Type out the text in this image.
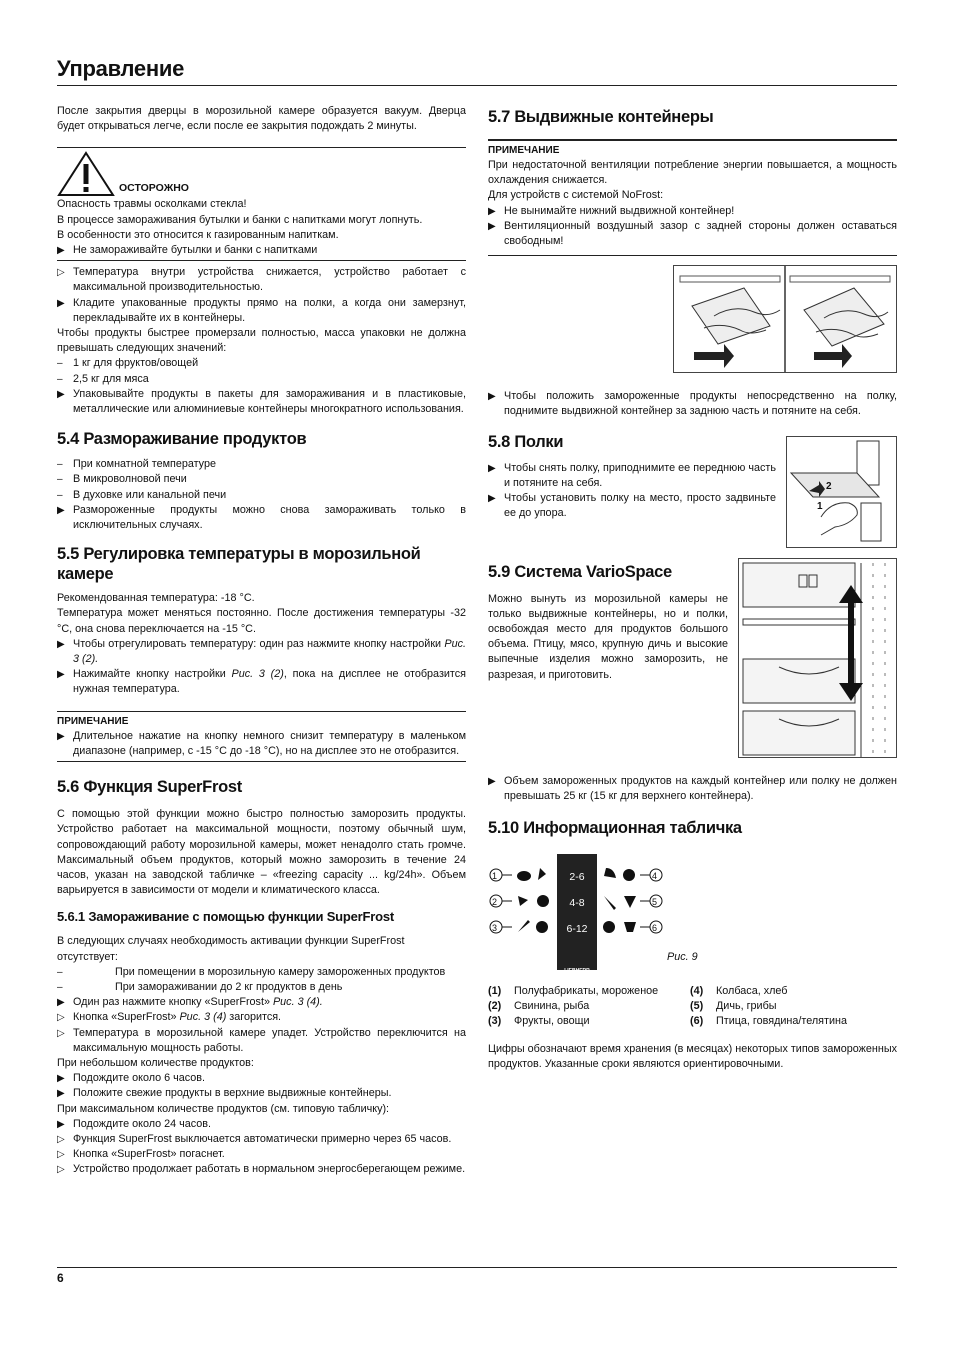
Управление

После закрытия дверцы в морозильной камере образуется вакуум. Дверца будет открываться легче, если после ее закрытия подождать 2 минуты.

ОСТОРОЖНО

Опасность травмы осколками стекла!

В процессе замораживания бутылки и банки с напитками могут лопнуть.

В особенности это относится к газированным напиткам.

▶ Не замораживайте бутылки и банки с напитками
▷ Температура внутри устройства снижается, устройство работает с максимальной производительностью.
▶ Кладите упакованные продукты прямо на полки, а когда они замерзнут, перекладывайте их в контейнеры.

Чтобы продукты быстрее промерзали полностью, масса упаковки не должна превышать следующих значений:

– 1 кг для фруктов/овощей
– 2,5 кг для мяса
▶ Упаковывайте продукты в пакеты для замораживания и в пластиковые, металлические или алюминиевые контейнеры многократного использования.
5.4 Размораживание продуктов
– При комнатной температуре
– В микроволновой печи
– В духовке или канальной печи
▶ Размороженные продукты можно снова замораживать только в исключительных случаях.
5.5 Регулировка температуры в морозильной камере

Рекомендованная температура: -18 °C.

Температура может меняться постоянно. После достижения температуры -32 °C, она снова переключается на -15 °C.

▶ Чтобы отрегулировать температуру: один раз нажмите кнопку настройки Рис. 3 (2).
▶ Нажимайте кнопку настройки Рис. 3 (2), пока на дисплее не отобразится нужная температура.
ПРИМЕЧАНИЕ
▶ Длительное нажатие на кнопку немного снизит температуру в маленьком диапазоне (например, с -15 °C до -18 °C), но на дисплее это не отобразится.
5.6 Функция SuperFrost

С помощью этой функции можно быстро полностью заморозить продукты. Устройство работает на максимальной мощности, поэтому обычный шум, сопровождающий работу морозильной камеры, может ненадолго стать громче. Максимальный объем продуктов, который можно заморозить в течение 24 часов, указан на заводской табличке – «freezing capacity ... kg/24h». Объем варьируется в зависимости от модели и климатического класса.

5.6.1 Замораживание с помощью функции SuperFrost

В следующих случаях необходимость активации функции SuperFrost отсутствует:

–	При помещении в морозильную камеру замороженных продуктов
–	При замораживании до 2 кг продуктов в день
▶ Один раз нажмите кнопку «SuperFrost» Рис. 3 (4).
▷ Кнопка «SuperFrost» Рис. 3 (4) загорится.
▷ Температура в морозильной камере упадет. Устройство переключится на максимальную мощность работы.

При небольшом количестве продуктов:

▶ Подождите около 6 часов.
▶ Положите свежие продукты в верхние выдвижные контейнеры.

При максимальном количестве продуктов (см. типовую табличку):

▶ Подождите около 24 часов.
▷ Функция SuperFrost выключается автоматически примерно через 65 часов.
▷ Кнопка «SuperFrost» погаснет.
▷ Устройство продолжает работать в нормальном энергосберегающем режиме.
5.7 Выдвижные контейнеры
ПРИМЕЧАНИЕ

При недостаточной вентиляции потребление энергии повышается, а мощность охлаждения снижается.

Для устройств с системой NoFrost:

▶ Не вынимайте нижний выдвижной контейнер!
▶ Вентиляционный воздушный зазор с задней стороны должен оставаться свободным!
▶ Чтобы положить замороженные продукты непосредственно на полку, поднимите выдвижной контейнер за заднюю часть и потяните на себя.
5.8 Полки
▶ Чтобы снять полку, приподнимите ее переднюю часть и потяните на себя.
▶ Чтобы установить полку на место, просто задвиньте ее до упора.
1
2
5.9 Система VarioSpace

Можно вынуть из морозильной камеры не только выдвижные контейнеры, но и полки, освобождая место для продуктов большого объема. Птицу, мясо, крупную дичь и высокие выпечные изделия можно заморозить, не разрезая, и приготовить.

▶ Объем замороженных продуктов на каждый контейнер или полку не должен превышать 25 кг (15 кг для верхнего контейнера).
5.10 Информационная табличка
2-6
4-8
6-12
LIEBHERR
1
2
3
4
5
6
Рис. 9
(1)	Полуфабрикаты, мороженое	(4)	Колбаса, хлеб
(2)	Свинина, рыба	(5)	Дичь, грибы
(3)	Фрукты, овощи	(6)	Птица, говядина/телятина

Цифры обозначают время хранения (в месяцах) некоторых типов замороженных продуктов. Указанные сроки являются ориентировочными.

6
